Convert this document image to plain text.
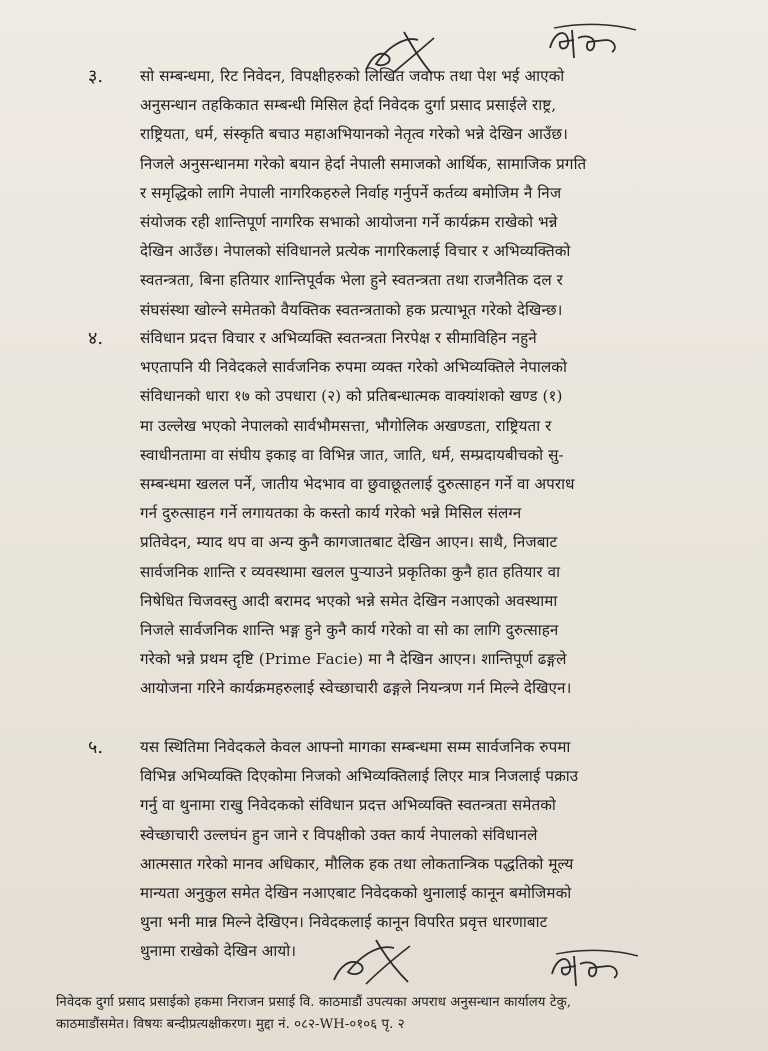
३. सो सम्बन्धमा, रिट निवेदन, विपक्षीहरुको लिखित जवाफ तथा पेश भई आएको
अनुसन्धान तहकिकात सम्बन्धी मिसिल हेर्दा निवेदक दुर्गा प्रसाद प्रसाईले राष्ट्र,
राष्ट्रियता, धर्म, संस्कृति बचाउ महाअभियानको नेतृत्व गरेको भन्ने देखिन आउँछ।
निजले अनुसन्धानमा गरेको बयान हेर्दा नेपाली समाजको आर्थिक, सामाजिक प्रगति
र समृद्धिको लागि नेपाली नागरिकहरुले निर्वाह गर्नुपर्ने कर्तव्य बमोजिम नै निज
संयोजक रही शान्तिपूर्ण नागरिक सभाको आयोजना गर्ने कार्यक्रम राखेको भन्ने
देखिन आउँछ। नेपालको संविधानले प्रत्येक नागरिकलाई विचार र अभिव्यक्तिको
स्वतन्त्रता, बिना हतियार शान्तिपूर्वक भेला हुने स्वतन्त्रता तथा राजनैतिक दल र
संघसंस्था खोल्ने समेतको वैयक्तिक स्वतन्त्रताको हक प्रत्याभूत गरेको देखिन्छ।
४. संविधान प्रदत्त विचार र अभिव्यक्ति स्वतन्त्रता निरपेक्ष र सीमाविहिन नहुने
भएतापनि यी निवेदकले सार्वजनिक रुपमा व्यक्त गरेको अभिव्यक्तिले नेपालको
संविधानको धारा १७ को उपधारा (२) को प्रतिबन्धात्मक वाक्यांशको खण्ड (१)
मा उल्लेख भएको नेपालको सार्वभौमसत्ता, भौगोलिक अखण्डता, राष्ट्रियता र
स्वाधीनतामा वा संघीय इकाइ वा विभिन्न जात, जाति, धर्म, सम्प्रदायबीचको सु-
सम्बन्धमा खलल पर्ने, जातीय भेदभाव वा छुवाछूतलाई दुरुत्साहन गर्ने वा अपराध
गर्न दुरुत्साहन गर्ने लगायतका के कस्तो कार्य गरेको भन्ने मिसिल संलग्न
प्रतिवेदन, म्याद थप वा अन्य कुनै कागजातबाट देखिन आएन। साथै, निजबाट
सार्वजनिक शान्ति र व्यवस्थामा खलल पुऱ्याउने प्रकृतिका कुनै हात हतियार वा
निषेधित चिजवस्तु आदी बरामद भएको भन्ने समेत देखिन नआएको अवस्थामा
निजले सार्वजनिक शान्ति भङ्ग हुने कुनै कार्य गरेको वा सो का लागि दुरुत्साहन
गरेको भन्ने प्रथम दृष्टि (Prime Facie) मा नै देखिन आएन। शान्तिपूर्ण ढङ्गले
आयोजना गरिने कार्यक्रमहरुलाई स्वेच्छाचारी ढङ्गले नियन्त्रण गर्न मिल्ने देखिएन।
५. यस स्थितिमा निवेदकले केवल आफ्नो मागका सम्बन्धमा सम्म सार्वजनिक रुपमा
विभिन्न अभिव्यक्ति दिएकोमा निजको अभिव्यक्तिलाई लिएर मात्र निजलाई पक्राउ
गर्नु वा थुनामा राखु निवेदकको संविधान प्रदत्त अभिव्यक्ति स्वतन्त्रता समेतको
स्वेच्छाचारी उल्लघंन हुन जाने र विपक्षीको उक्त कार्य नेपालको संविधानले
आत्मसात गरेको मानव अधिकार, मौलिक हक तथा लोकतान्त्रिक पद्धतिको मूल्य
मान्यता अनुकुल समेत देखिन नआएबाट निवेदकको थुनालाई कानून बमोजिमको
थुना भनी मान्न मिल्ने देखिएन। निवेदकलाई कानून विपरित प्रवृत्त धारणाबाट
थुनामा राखेको देखिन आयो।
निवेदक दुर्गा प्रसाद प्रसाईको हकमा निराजन प्रसाई वि. काठमाडौं उपत्यका अपराध अनुसन्धान कार्यालय टेकु,
काठमाडौंसमेत। विषयः बन्दीप्रत्यक्षीकरण। मुद्दा नं. ०८२-WH-०१०६ पृ. २
